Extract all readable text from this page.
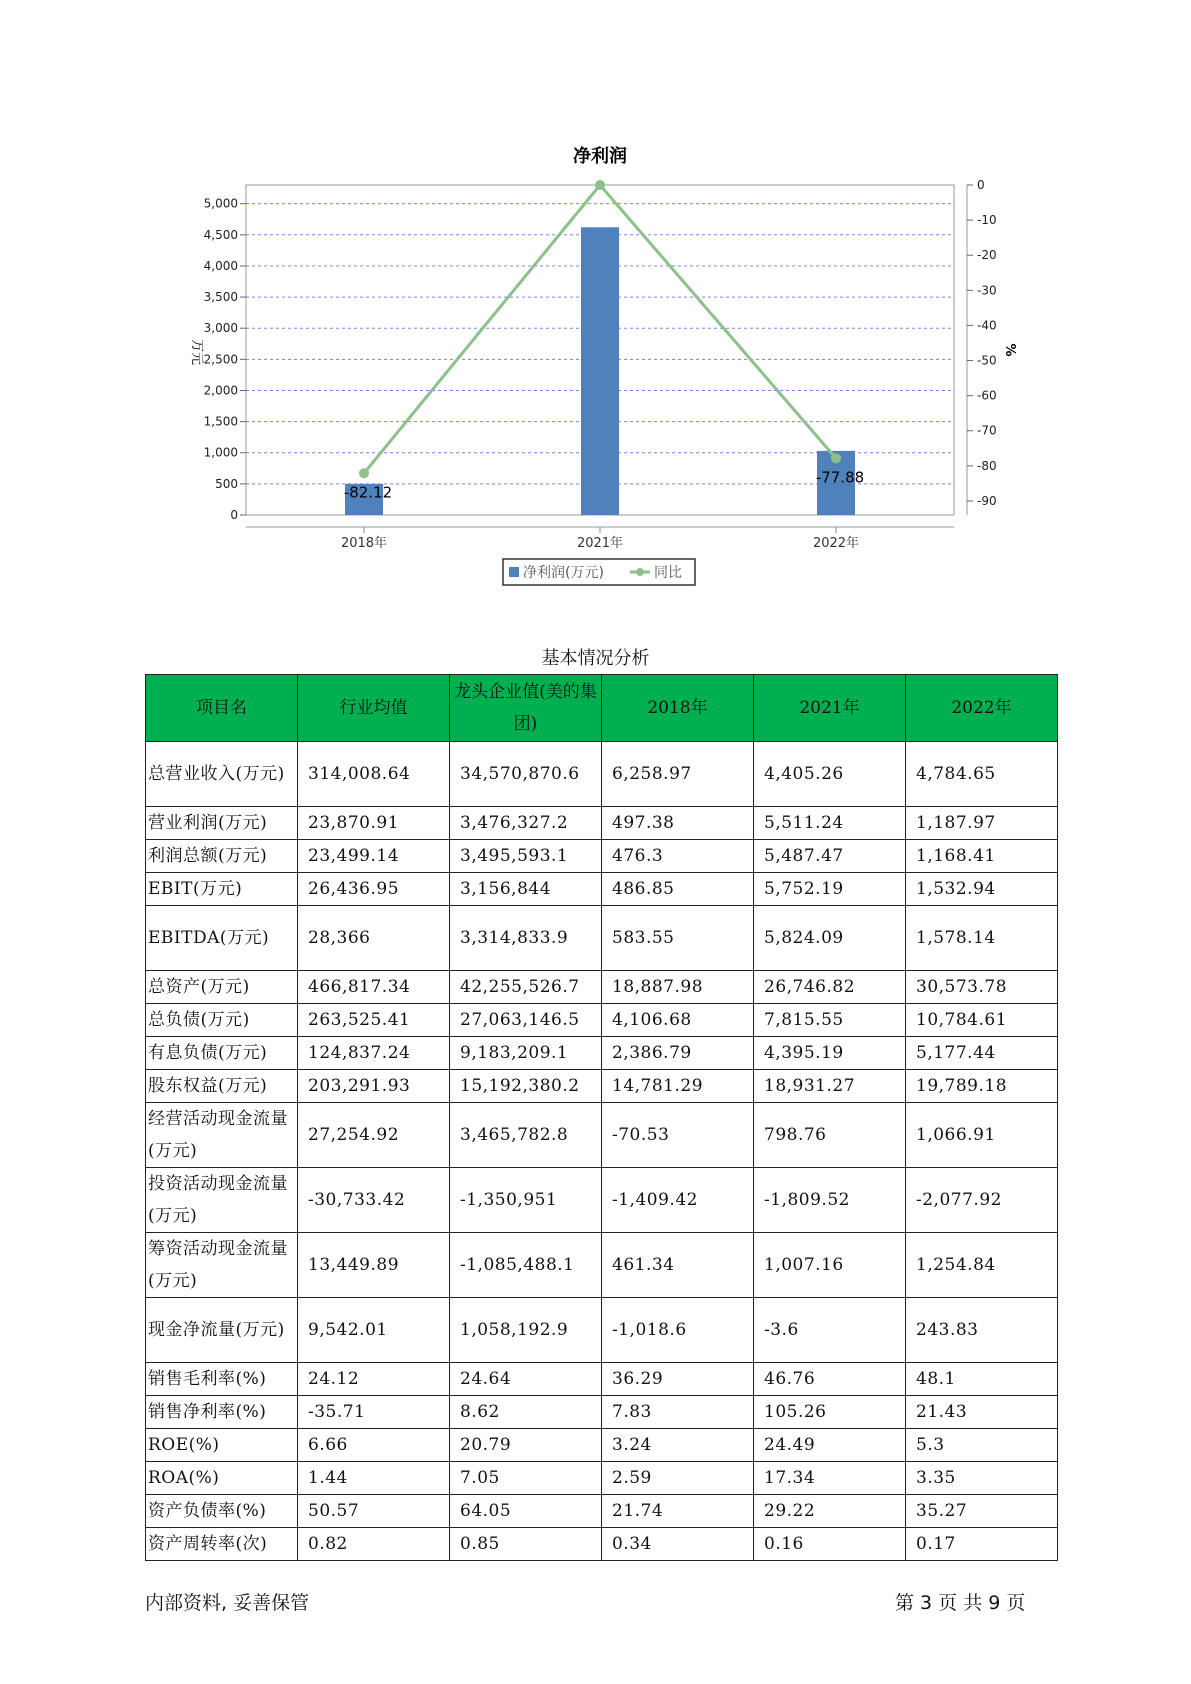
净利润
0
500
1,000
1,500
2,000
2,500
3,000
3,500
4,000
4,500
5,000
0
-10
-20
-30
-40
-50
-60
-70
-80
-90
-82.12
-77.88
2018年	2021年	2022年
万元	%
净利润(万元)	同比
基本情况分析
项目名	行业均值	龙头企业值(美的集团)	2018年	2021年	2022年
总营业收入(万元)	314,008.64	34,570,870.6	6,258.97	4,405.26	4,784.65
营业利润(万元)	23,870.91	3,476,327.2	497.38	5,511.24	1,187.97
利润总额(万元)	23,499.14	3,495,593.1	476.3	5,487.47	1,168.41
EBIT(万元)	26,436.95	3,156,844	486.85	5,752.19	1,532.94
EBITDA(万元)	28,366	3,314,833.9	583.55	5,824.09	1,578.14
总资产(万元)	466,817.34	42,255,526.7	18,887.98	26,746.82	30,573.78
总负债(万元)	263,525.41	27,063,146.5	4,106.68	7,815.55	10,784.61
有息负债(万元)	124,837.24	9,183,209.1	2,386.79	4,395.19	5,177.44
股东权益(万元)	203,291.93	15,192,380.2	14,781.29	18,931.27	19,789.18
经营活动现金流量(万元)	27,254.92	3,465,782.8	-70.53	798.76	1,066.91
投资活动现金流量(万元)	-30,733.42	-1,350,951	-1,409.42	-1,809.52	-2,077.92
筹资活动现金流量(万元)	13,449.89	-1,085,488.1	461.34	1,007.16	1,254.84
现金净流量(万元)	9,542.01	1,058,192.9	-1,018.6	-3.6	243.83
销售毛利率(%)	24.12	24.64	36.29	46.76	48.1
销售净利率(%)	-35.71	8.62	7.83	105.26	21.43
ROE(%)	6.66	20.79	3.24	24.49	5.3
ROA(%)	1.44	7.05	2.59	17.34	3.35
资产负债率(%)	50.57	64.05	21.74	29.22	35.27
资产周转率(次)	0.82	0.85	0.34	0.16	0.17
内部资料, 妥善保管	第 3 页 共 9 页
